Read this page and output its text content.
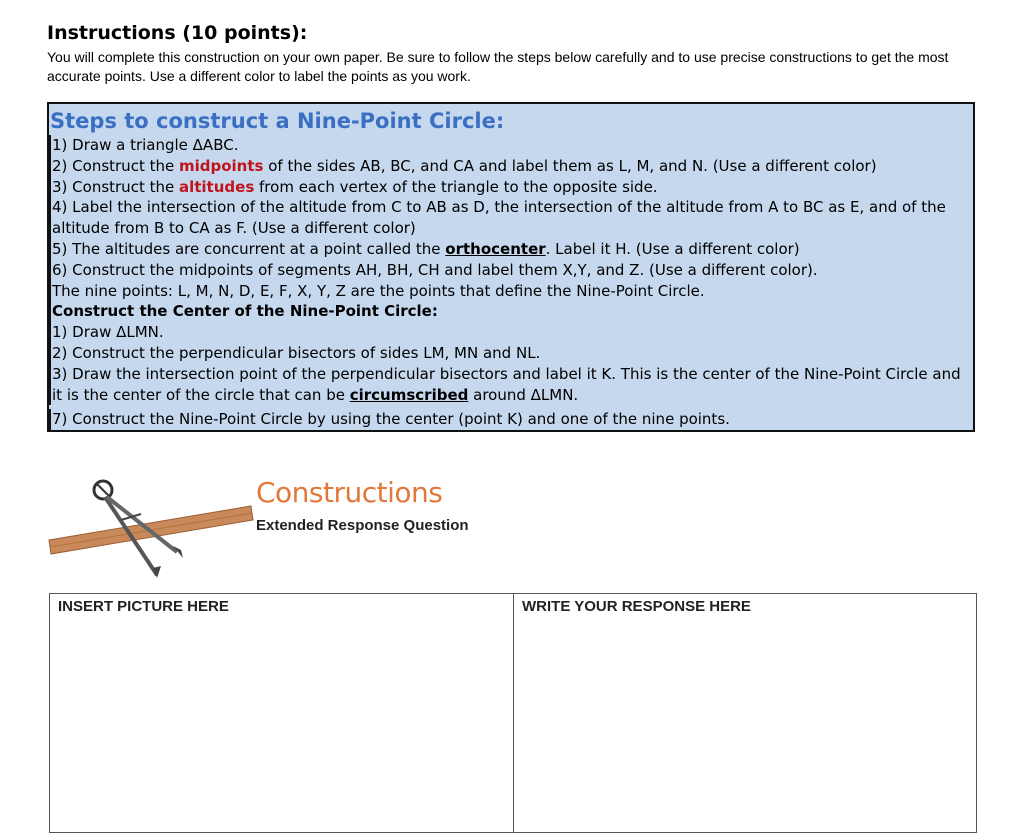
Instructions (10 points):
You will complete this construction on your own paper. Be sure to follow the steps below carefully and to use precise constructions to get the most accurate points. Use a different color to label the points as you work.
Steps to construct a Nine-Point Circle:
1) Draw a triangle ΔABC.
2) Construct the midpoints of the sides AB, BC, and CA and label them as L, M, and N. (Use a different color)
3) Construct the altitudes from each vertex of the triangle to the opposite side.
4) Label the intersection of the altitude from C to AB as D, the intersection of the altitude from A to BC as E, and of the altitude from B to CA as F. (Use a different color)
5) The altitudes are concurrent at a point called the orthocenter. Label it H. (Use a different color)
6) Construct the midpoints of segments AH, BH, CH and label them X,Y, and Z. (Use a different color).
The nine points: L, M, N, D, E, F, X, Y, Z are the points that define the Nine-Point Circle.
Construct the Center of the Nine-Point Circle:
1) Draw ΔLMN.
2) Construct the perpendicular bisectors of sides LM, MN and NL.
3) Draw the intersection point of the perpendicular bisectors and label it K. This is the center of the Nine-Point Circle and it is the center of the circle that can be circumscribed around ΔLMN.
7) Construct the Nine-Point Circle by using the center (point K) and one of the nine points.
Constructions
Extended Response Question
INSERT PICTURE HERE	WRITE YOUR RESPONSE HERE
